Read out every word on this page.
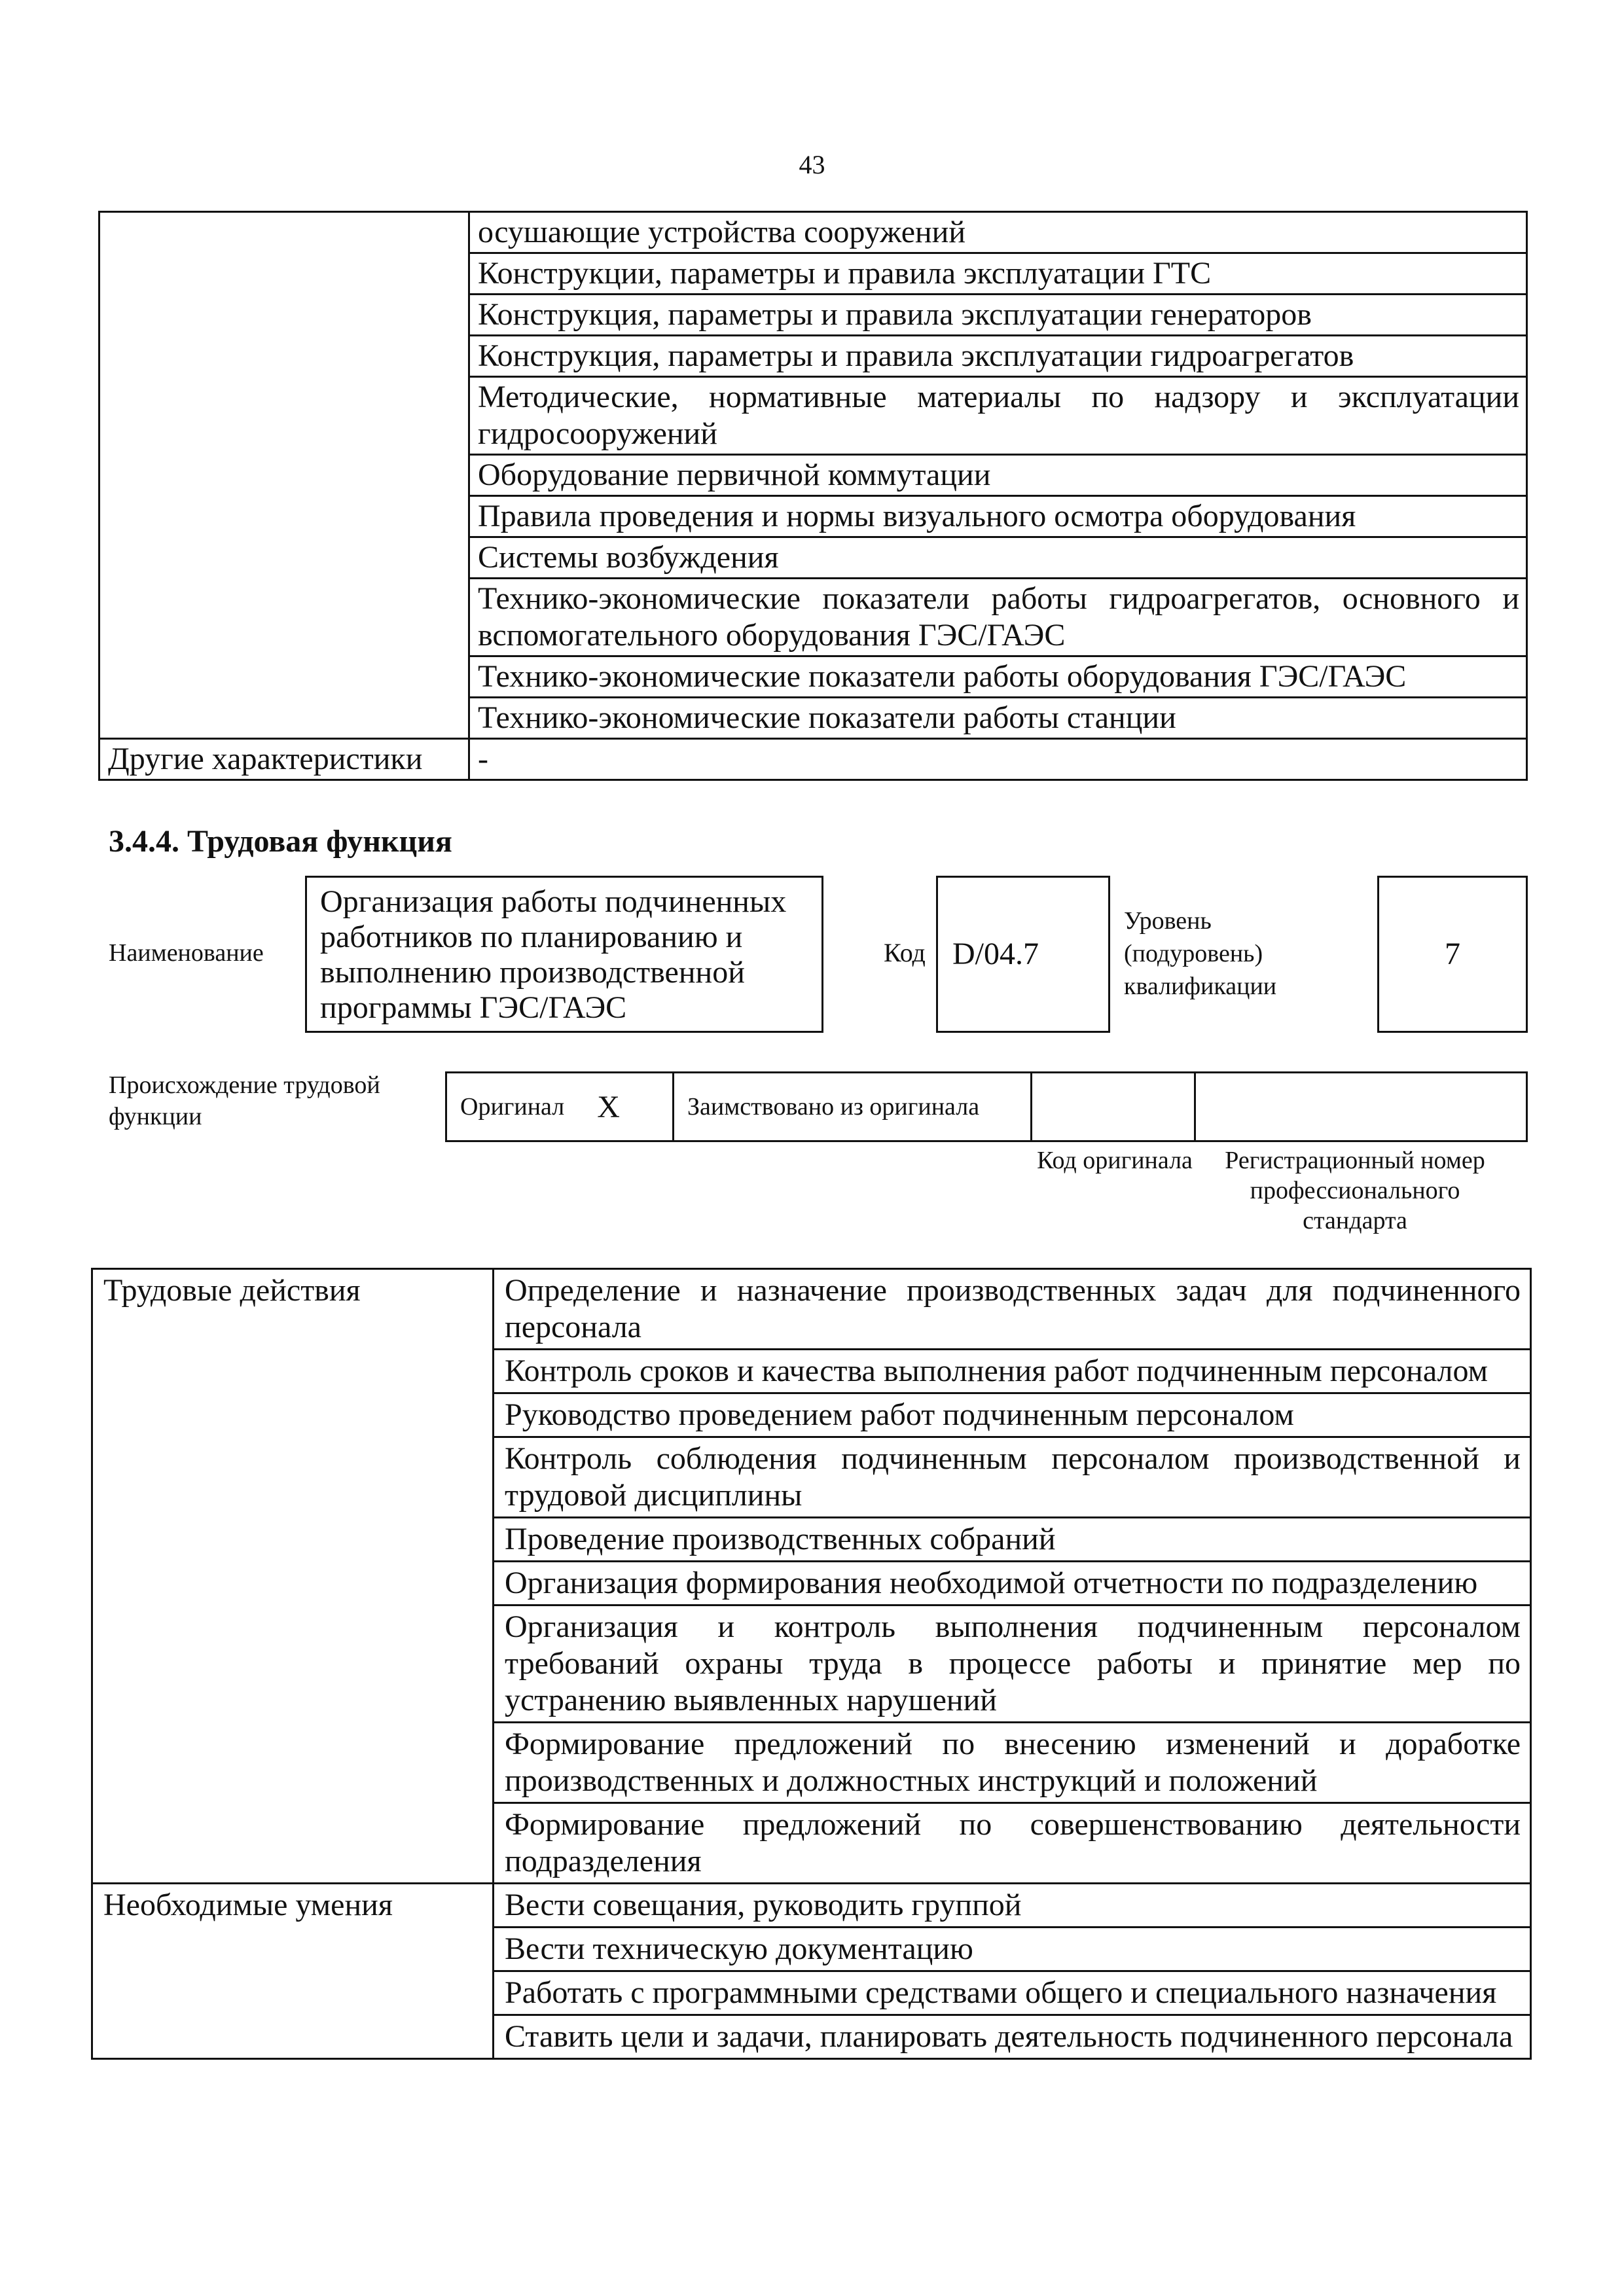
43
	осушающие устройства сооружений
	Конструкции, параметры и правила эксплуатации ГТС
	Конструкция, параметры и правила эксплуатации генераторов
	Конструкция, параметры и правила эксплуатации гидроагрегатов
	Методические, нормативные материалы по надзору и эксплуатации гидросооружений
	Оборудование первичной коммутации
	Правила проведения и нормы визуального осмотра оборудования
	Системы возбуждения
	Технико-экономические показатели работы гидроагрегатов, основного и вспомогательного оборудования ГЭС/ГАЭС
	Технико-экономические показатели работы оборудования ГЭС/ГАЭС
	Технико-экономические показатели работы станции
Другие характеристики	-
3.4.4. Трудовая функция
Наименование
Организация работы подчиненных работников по планированию и выполнению производственной программы ГЭС/ГАЭС
Код D/04.7
Уровень (подуровень) квалификации
7
Происхождение трудовой функции	Оригинал X	Заимствовано из оригинала
Код оригинала	Регистрационный номер профессионального стандарта
Трудовые действия	Определение и назначение производственных задач для подчиненного персонала
	Контроль сроков и качества выполнения работ подчиненным персоналом
	Руководство проведением работ подчиненным персоналом
	Контроль соблюдения подчиненным персоналом производственной и трудовой дисциплины
	Проведение производственных собраний
	Организация формирования необходимой отчетности по подразделению
	Организация и контроль выполнения подчиненным персоналом требований охраны труда в процессе работы и принятие мер по устранению выявленных нарушений
	Формирование предложений по внесению изменений и доработке производственных и должностных инструкций и положений
	Формирование предложений по совершенствованию деятельности подразделения
Необходимые умения	Вести совещания, руководить группой
	Вести техническую документацию
	Работать с программными средствами общего и специального назначения
	Ставить цели и задачи, планировать деятельность подчиненного персонала
